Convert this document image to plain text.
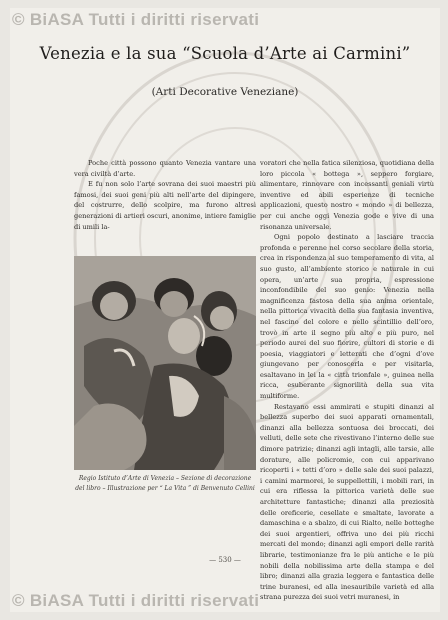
© BiASA Tutti i diritti riservati
Venezia e la sua “Scuola d’Arte ai Carmini”
(Arti Decorative Veneziane)

Poche città possono quanto Venezia vantare una vera civiltà d’arte.

E fu non solo l’arte sovrana dei suoi maestri più famosi, dei suoi geni più alti nell’arte del dipingere, del costrurre, dello scolpire, ma furono altresì generazioni di artieri oscuri, anonime, intiere famiglie di umili la-

Regio Istituto d’Arte di Venezia – Sezione di decorazione del libro – Illustrazione per “ La Vita ” di Benvenuto Cellini

voratori che nella fatica silenziosa, quotidiana della loro piccola « bottega », seppero forgiare, alimentare, rinnovare con incessanti geniali virtù inventive ed abili esperienze di tecniche applicazioni, questo nostro « mondo » di bellezza, per cui anche oggi Venezia gode e vive di una risonanza universale.

Ogni popolo destinato a lasciare traccia profonda e perenne nel corso secolare della storia, crea in rispondenza al suo temperamento di vita, al suo gusto, all’ambiente storico e naturale in cui opera, un’arte sua propria, espressione inconfondibile del suo genio: Venezia nella magnificenza fastosa della sua anima orientale, nella pittorica vivacità della sua fantasia inventiva, nel fascino del colore e nello scintillio dell’oro, trovò in arte il segno più alto e più puro, nel periodo aurei del suo fiorire, cultori di storie e di poesia, viaggiatori e letterati che d’ogni d’ove giungevano per conoscerla e per visitarla, esaltavano in lei la « città trionfale », guinea nella ricca, esuberante signorilità della sua vita multiforme.

Restavano essi ammirati e stupiti dinanzi al bellezza superbo dei suoi apparati ornamentali, dinanzi alla bellezza sontuosa dei broccati, dei velluti, delle sete che rivestivano l’interno delle sue dimore patrizie; dinanzi agli intagli, alle tarsie, alle dorature, alle policromie, con cui apparivano ricoperti i « tetti d’oro » delle sale dei suoi palazzi, i camini marmorei, le suppellettili, i mobili rari, in cui era riflessa la pittorica varietà delle sue architetture fantastiche; dinanzi alla preziosità delle oreficerie, cesellate e smaltate, lavorate a damaschina e a sbalzo, di cui Rialto, nelle botteghe dei suoi argentieri, offriva uno dei più ricchi mercati del mondo; dinanzi agli empori delle rarità librarie, testimonianze fra le più antiche e le più nobili della nobilissima arte della stampa e del libro; dinanzi alla grazia leggera e fantastica delle trine buranesi, ed alla inesauribile varietà ed alla strana purezza dei suoi vetri muranesi, in

— 530 —
© BiASA Tutti i diritti riservati
